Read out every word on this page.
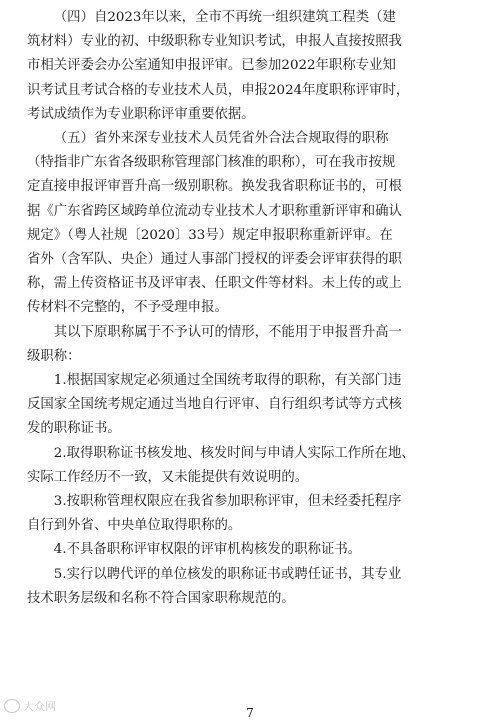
（四）自2023年以来，全市不再统一组织建筑工程类（建
筑材料）专业的初、中级职称专业知识考试，申报人直接按照我
市相关评委会办公室通知申报评审。已参加2022年职称专业知
识考试且考试合格的专业技术人员，申报2024年度职称评审时，
考试成绩作为专业职称评审重要依据。

（五）省外来深专业技术人员凭省外合法合规取得的职称
（特指非广东省各级职称管理部门核准的职称），可在我市按规
定直接申报评审晋升高一级别职称。换发我省职称证书的，可根
据《广东省跨区域跨单位流动专业技术人才职称重新评审和确认
规定》（粤人社规〔2020〕33号）规定申报职称重新评审。在
省外（含军队、央企）通过人事部门授权的评委会评审获得的职
称，需上传资格证书及评审表、任职文件等材料。未上传的或上
传材料不完整的，不予受理申报。

其以下原职称属于不予认可的情形，不能用于申报晋升高一
级职称：

1.根据国家规定必须通过全国统考取得的职称，有关部门违
反国家全国统考规定通过当地自行评审、自行组织考试等方式核
发的职称证书。

2.取得职称证书核发地、核发时间与申请人实际工作所在地、
实际工作经历不一致，又未能提供有效说明的。

3.按职称管理权限应在我省参加职称评审，但未经委托程序
自行到外省、中央单位取得职称的。

4.不具备职称评审权限的评审机构核发的职称证书。

5.实行以聘代评的单位核发的职称证书或聘任证书，其专业
技术职务层级和名称不符合国家职称规范的。

大众网	7
